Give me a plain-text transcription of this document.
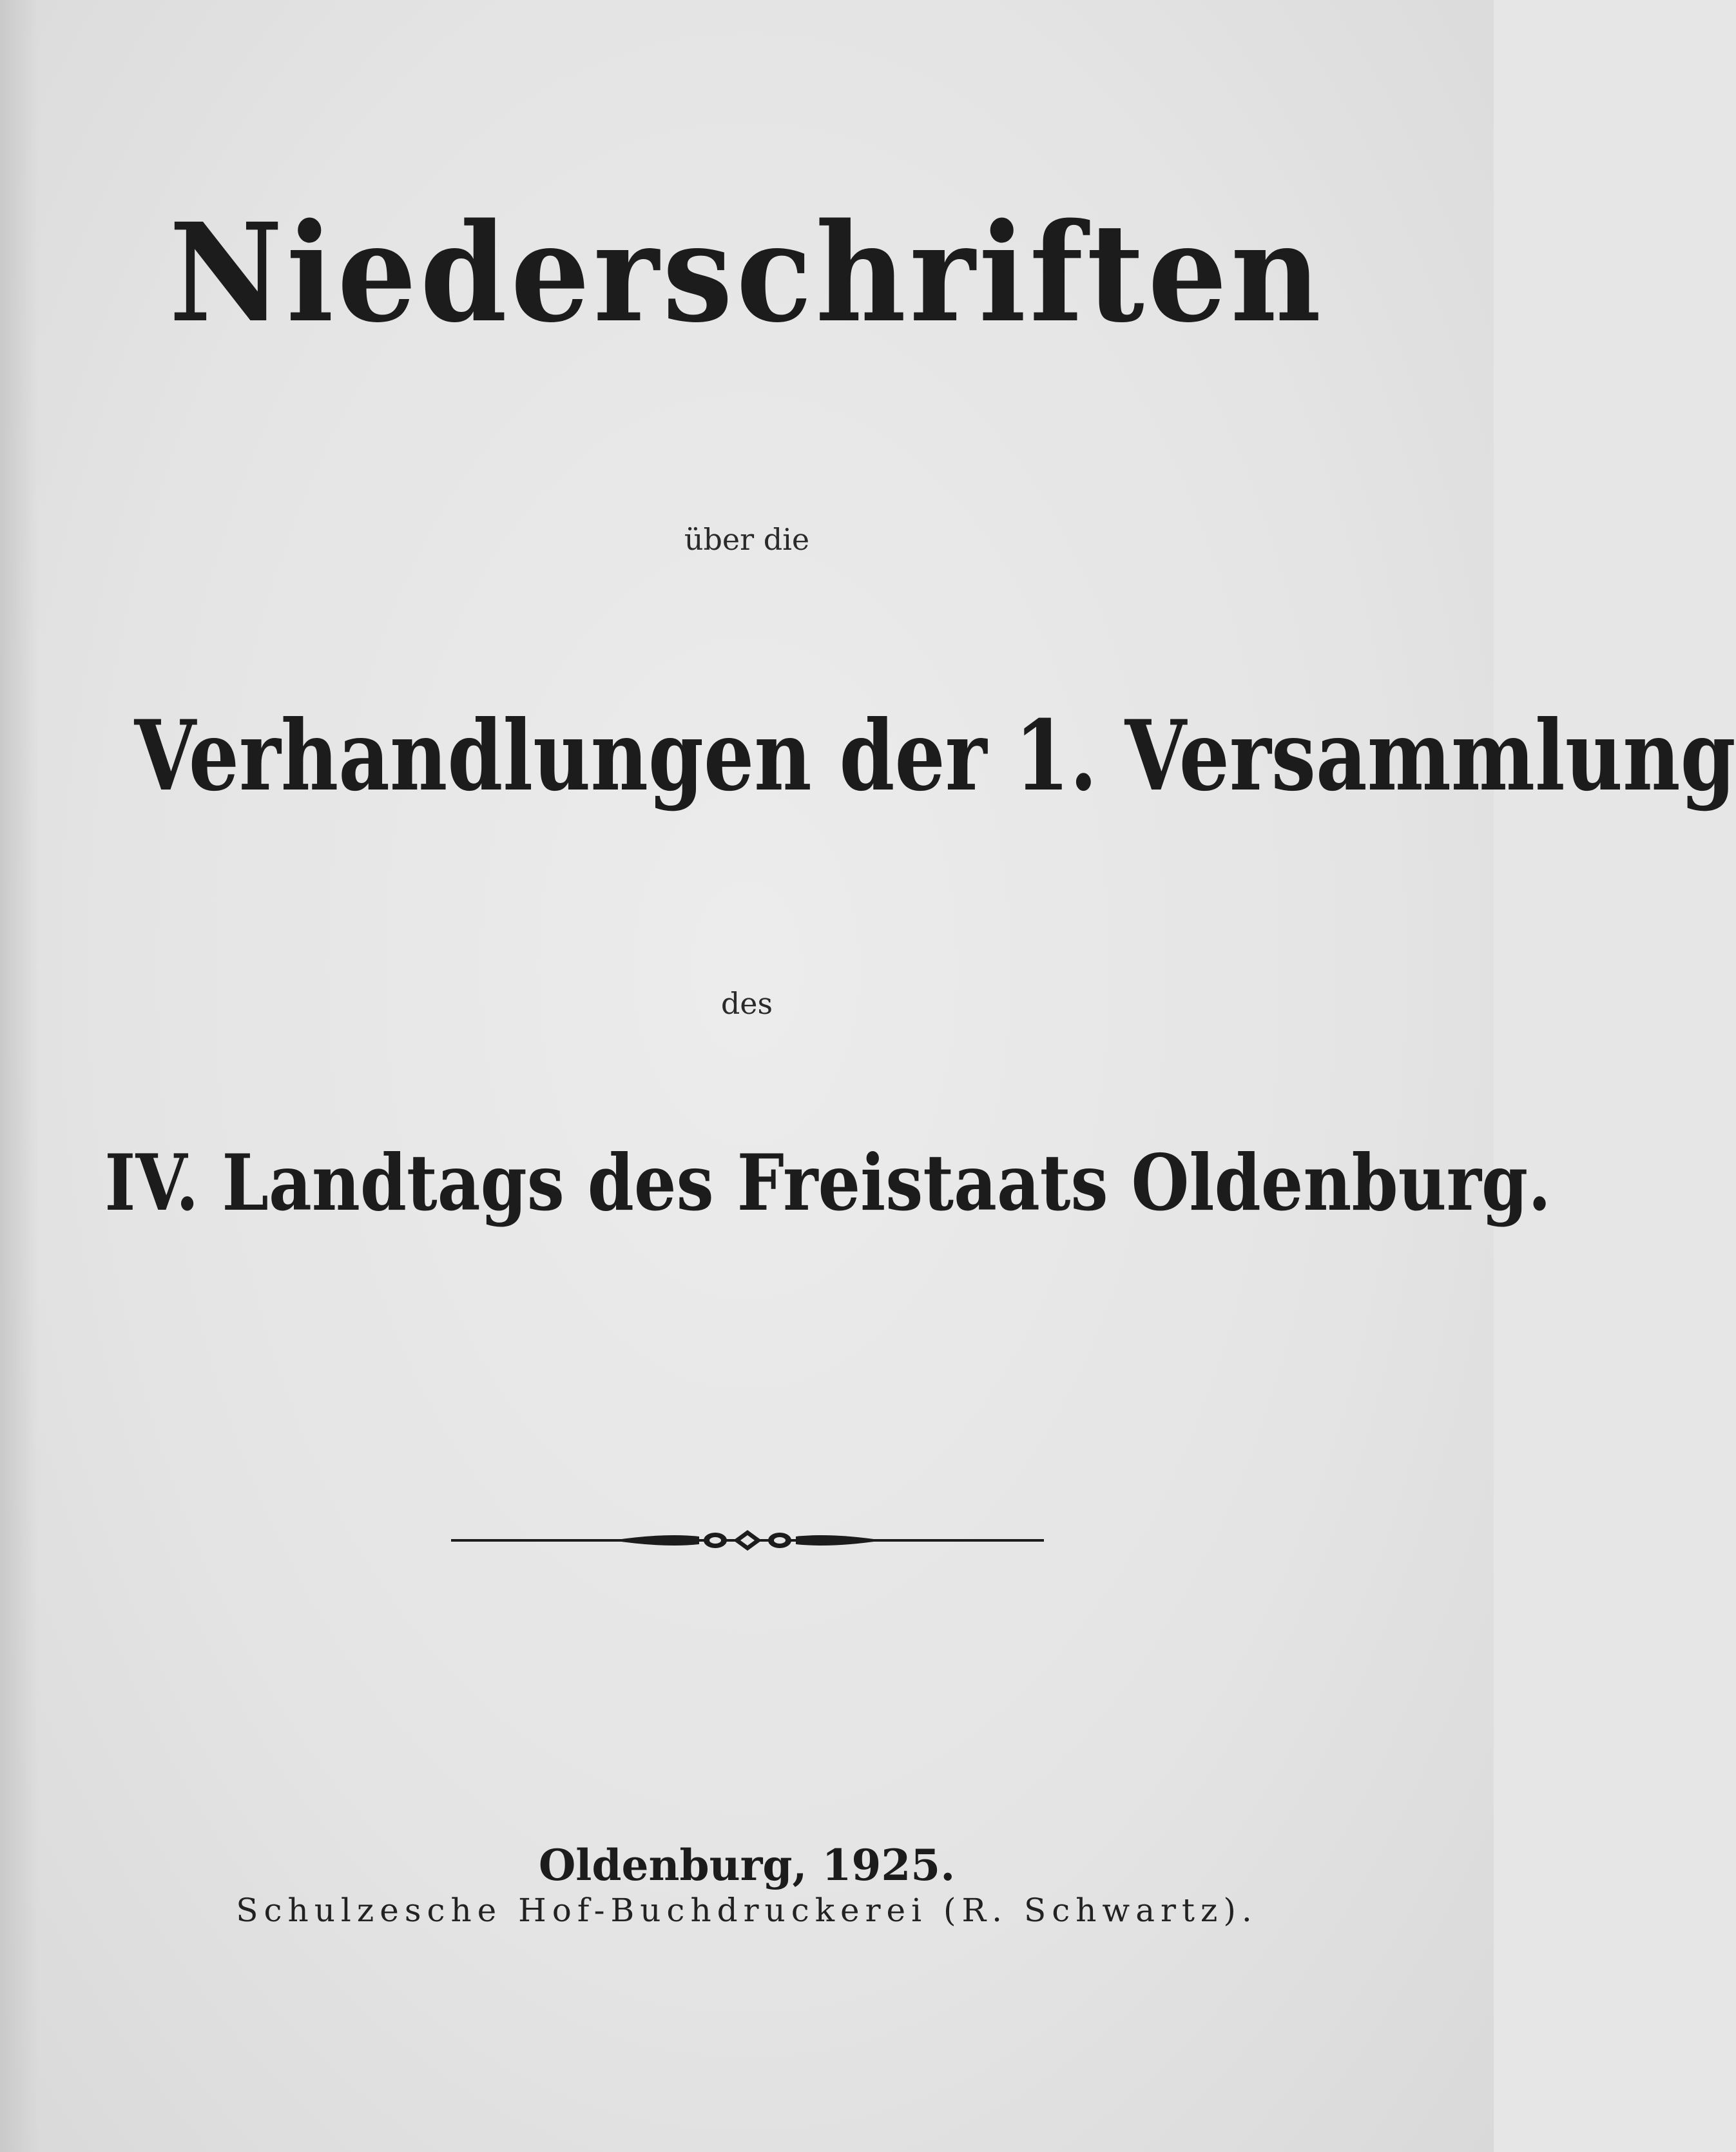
Niederschriften
über die
Verhandlungen der 1. Versammlung
des
IV. Landtags des Freistaats Oldenburg.
Oldenburg, 1925.
Schulzesche Hof-Buchdruckerei (R. Schwartz).
